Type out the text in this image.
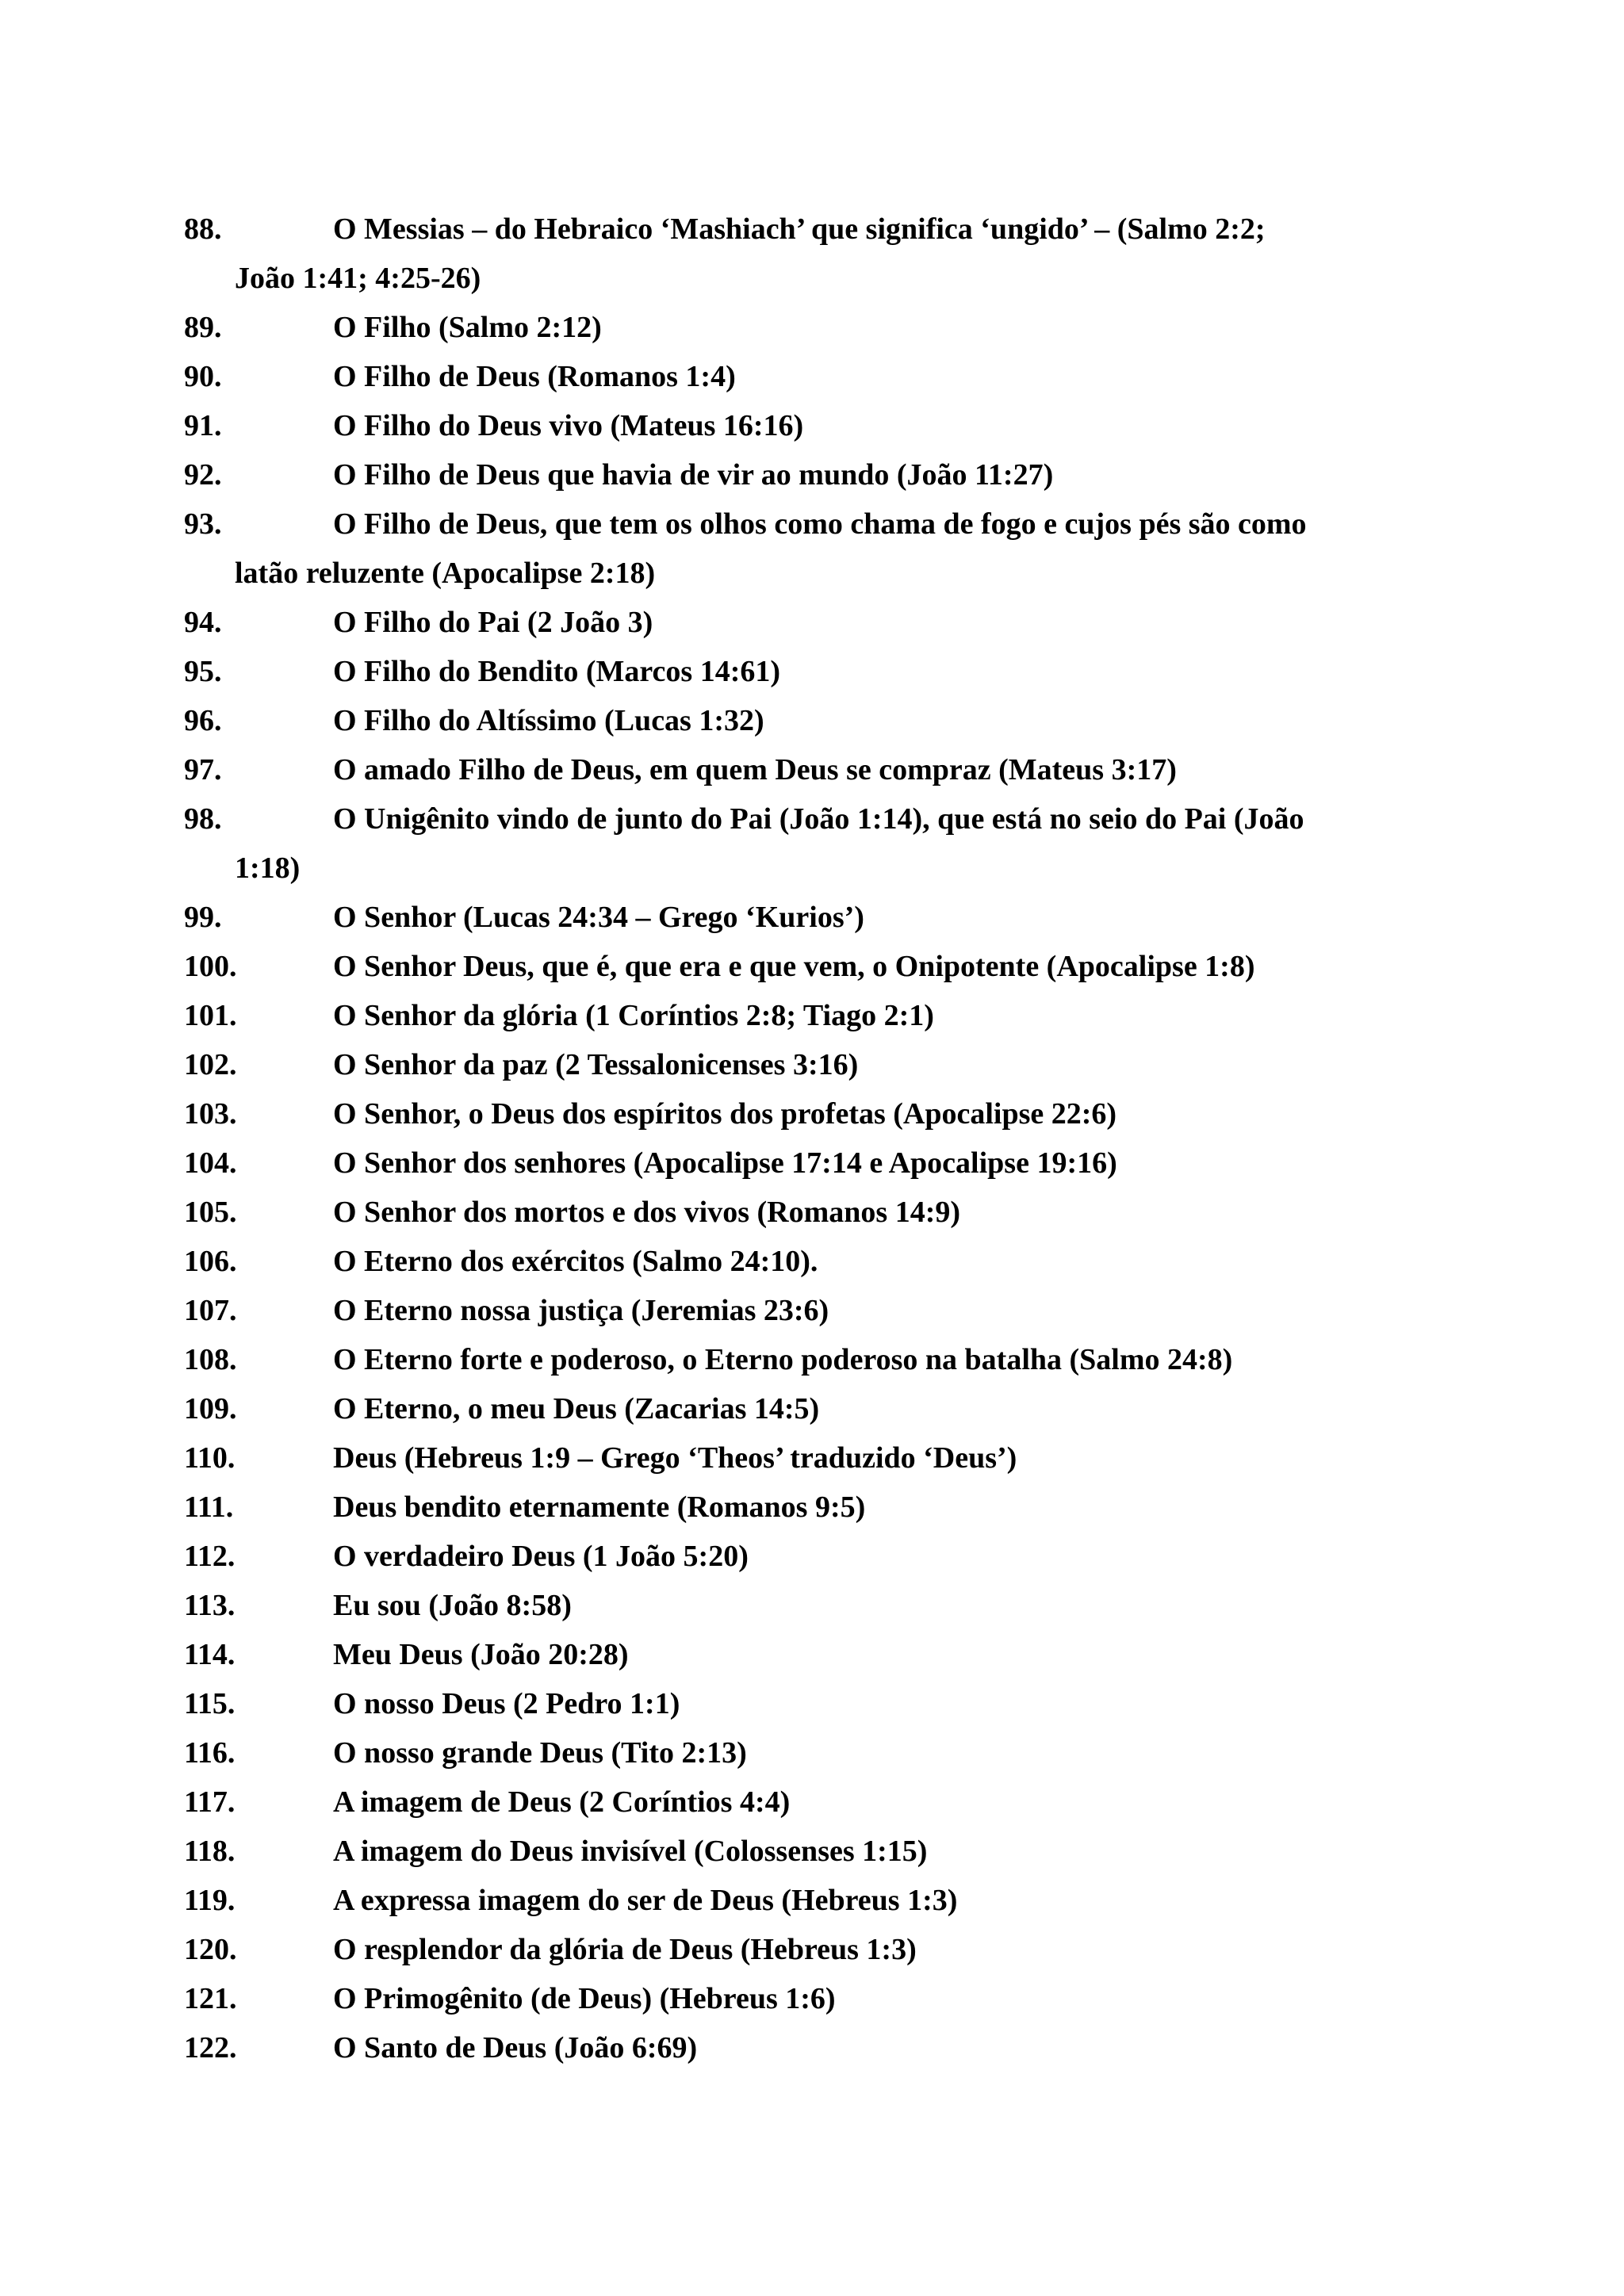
88.	O Messias – do Hebraico ‘Mashiach’ que significa ‘ungido’ – (Salmo 2:2;
João 1:41; 4:25-26)
89.	O Filho (Salmo 2:12)
90.	O Filho de Deus (Romanos 1:4)
91.	O Filho do Deus vivo (Mateus 16:16)
92.	O Filho de Deus que havia de vir ao mundo (João 11:27)
93.	O Filho de Deus, que tem os olhos como chama de fogo e cujos pés são como
latão reluzente (Apocalipse 2:18)
94.	O Filho do Pai (2 João 3)
95.	O Filho do Bendito (Marcos 14:61)
96.	O Filho do Altíssimo (Lucas 1:32)
97.	O amado Filho de Deus, em quem Deus se compraz (Mateus 3:17)
98.	O Unigênito vindo de junto do Pai (João 1:14), que está no seio do Pai (João
1:18)
99.	O Senhor (Lucas 24:34 – Grego ‘Kurios’)
100.	O Senhor Deus, que é, que era e que vem, o Onipotente (Apocalipse 1:8)
101.	O Senhor da glória (1 Coríntios 2:8; Tiago 2:1)
102.	O Senhor da paz (2 Tessalonicenses 3:16)
103.	O Senhor, o Deus dos espíritos dos profetas (Apocalipse 22:6)
104.	O Senhor dos senhores (Apocalipse 17:14 e Apocalipse 19:16)
105.	O Senhor dos mortos e dos vivos (Romanos 14:9)
106.	O Eterno dos exércitos (Salmo 24:10).
107.	O Eterno nossa justiça (Jeremias 23:6)
108.	O Eterno forte e poderoso, o Eterno poderoso na batalha (Salmo 24:8)
109.	O Eterno, o meu Deus (Zacarias 14:5)
110.	Deus (Hebreus 1:9 – Grego ‘Theos’ traduzido ‘Deus’)
111.	Deus bendito eternamente (Romanos 9:5)
112.	O verdadeiro Deus (1 João 5:20)
113.	Eu sou (João 8:58)
114.	Meu Deus (João 20:28)
115.	O nosso Deus (2 Pedro 1:1)
116.	O nosso grande Deus (Tito 2:13)
117.	A imagem de Deus (2 Coríntios 4:4)
118.	A imagem do Deus invisível (Colossenses 1:15)
119.	A expressa imagem do ser de Deus (Hebreus 1:3)
120.	O resplendor da glória de Deus (Hebreus 1:3)
121.	O Primogênito (de Deus) (Hebreus 1:6)
122.	O Santo de Deus (João 6:69)
